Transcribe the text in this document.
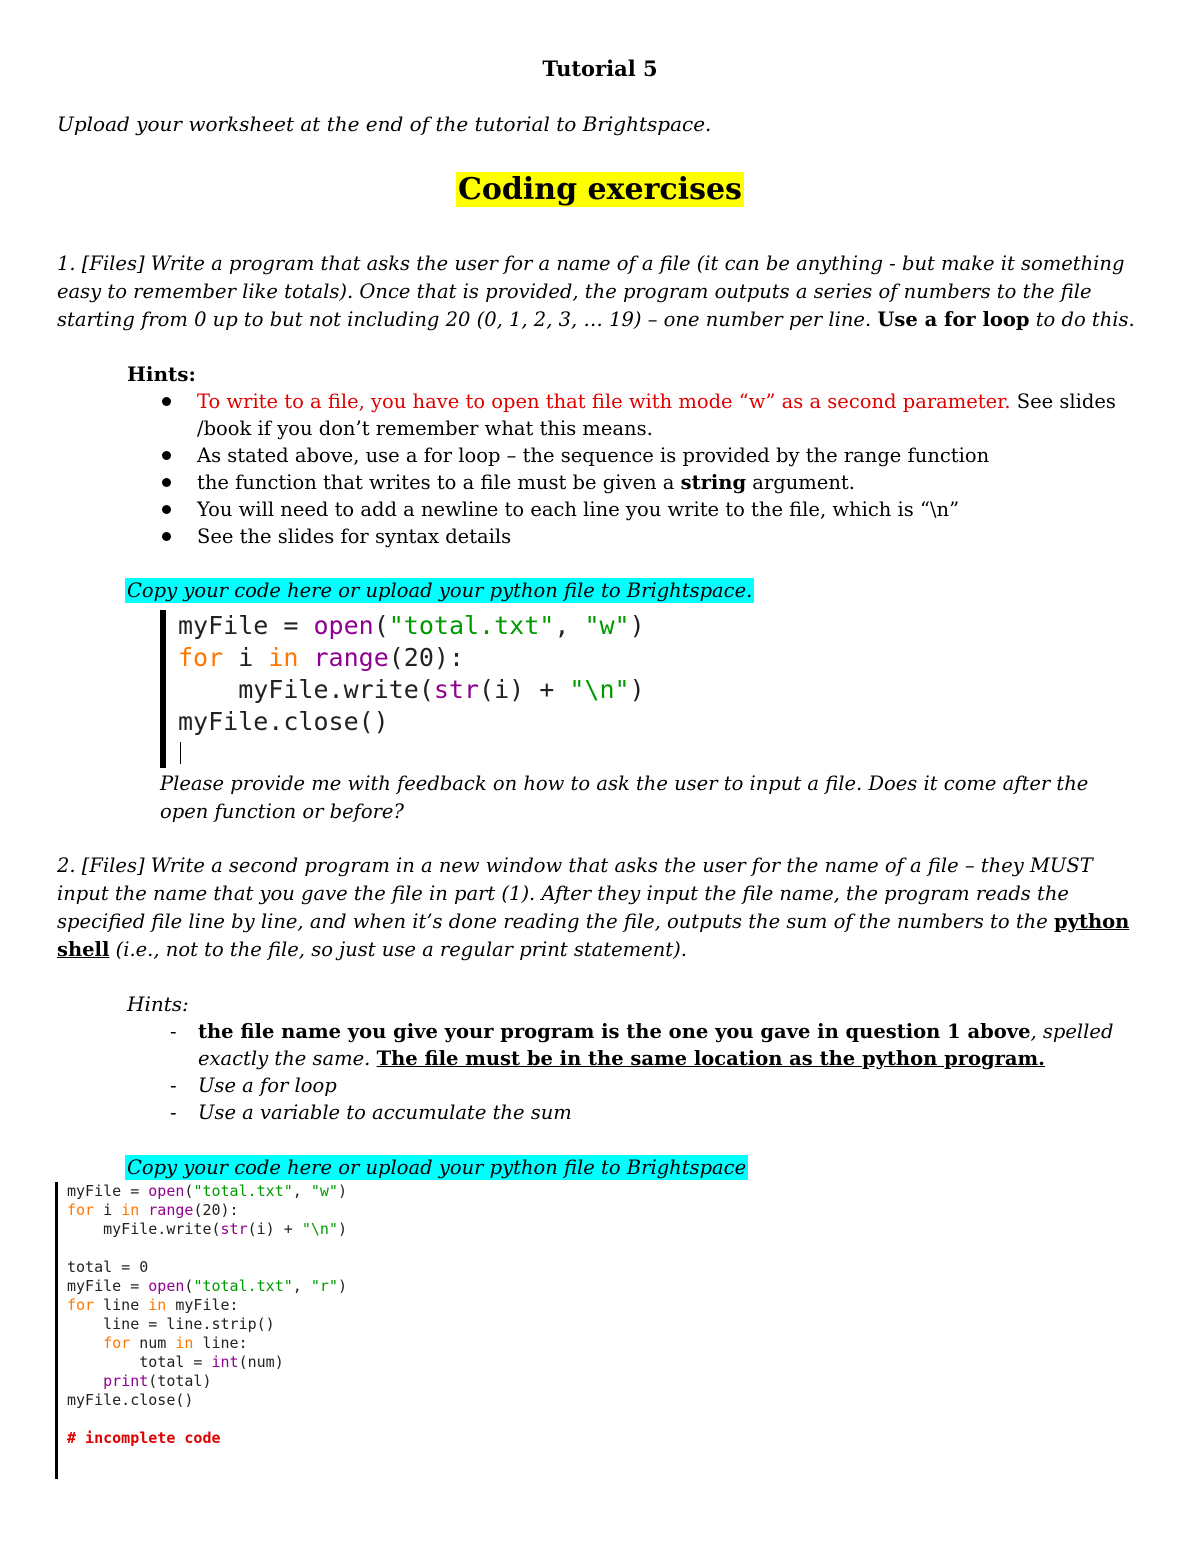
Tutorial 5
Upload your worksheet at the end of the tutorial to Brightspace.
Coding exercises
1. [Files] Write a program that asks the user for a name of a file (it can be anything - but make it something easy to remember like totals). Once that is provided, the program outputs a series of numbers to the file starting from 0 up to but not including 20 (0, 1, 2, 3, … 19) – one number per line. Use a for loop to do this.
Hints:
To write to a file, you have to open that file with mode “w” as a second parameter. See slides /book if you don’t remember what this means.
As stated above, use a for loop – the sequence is provided by the range function
the function that writes to a file must be given a string argument.
You will need to add a newline to each line you write to the file, which is “\n”
See the slides for syntax details
Copy your code here or upload your python file to Brightspace.
myFile = open("total.txt", "w")
for i in range(20):
myFile.write(str(i) + "\n")
myFile.close()
Please provide me with feedback on how to ask the user to input a file. Does it come after the open function or before?
2. [Files] Write a second program in a new window that asks the user for the name of a file – they MUST input the name that you gave the file in part (1). After they input the file name, the program reads the specified file line by line, and when it’s done reading the file, outputs the sum of the numbers to the python shell (i.e., not to the file, so just use a regular print statement).
Hints:
- the file name you give your program is the one you gave in question 1 above, spelled exactly the same. The file must be in the same location as the python program.
- Use a for loop
- Use a variable to accumulate the sum
Copy your code here or upload your python file to Brightspace
myFile = open("total.txt", "w")
for i in range(20):
myFile.write(str(i) + "\n")

total = 0
myFile = open("total.txt", "r")
for line in myFile:
line = line.strip()
for num in line:
total = int(num)
print(total)
myFile.close()

# incomplete code
